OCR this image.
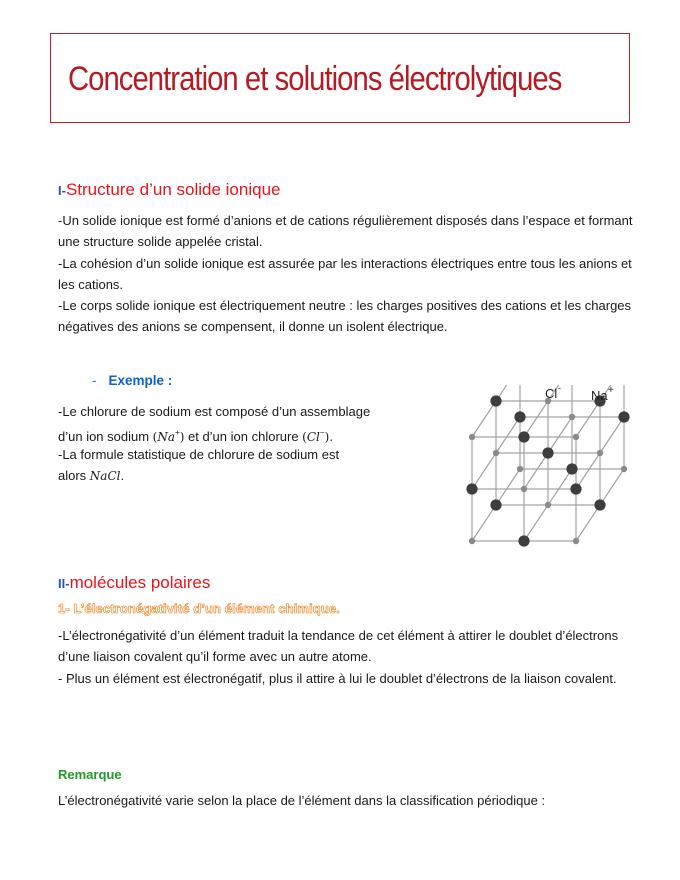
Concentration et solutions électrolytiques
I-Structure d’un solide ionique

-Un solide ionique est formé d’anions et de cations régulièrement disposés dans l’espace et formant une structure solide appelée cristal.

-La cohésion d’un solide ionique est assurée par les interactions électriques entre tous les anions et les cations.

-Le corps solide ionique est électriquement neutre : les charges positives des cations et les charges négatives des anions se compensent, il donne un isolent électrique.

- Exemple :

-Le chlorure de sodium est composé d’un assemblage

d’un ion sodium (Na+) et d’un ion chlorure (Cl−).

-La formule statistique de chlorure de sodium est

alors NaCl.

Cl - Na +
II-molécules polaires
1- L’électronégativité d’un élément chimique.

-L’électronégativité d’un élément traduit la tendance de cet élément à attirer le doublet d’électrons d’une liaison covalent qu’il forme avec un autre atome.

- Plus un élément est électronégatif, plus il attire à lui le doublet d’électrons de la liaison covalent.

Remarque
L’électronégativité varie selon la place de l’élément dans la classification périodique :
